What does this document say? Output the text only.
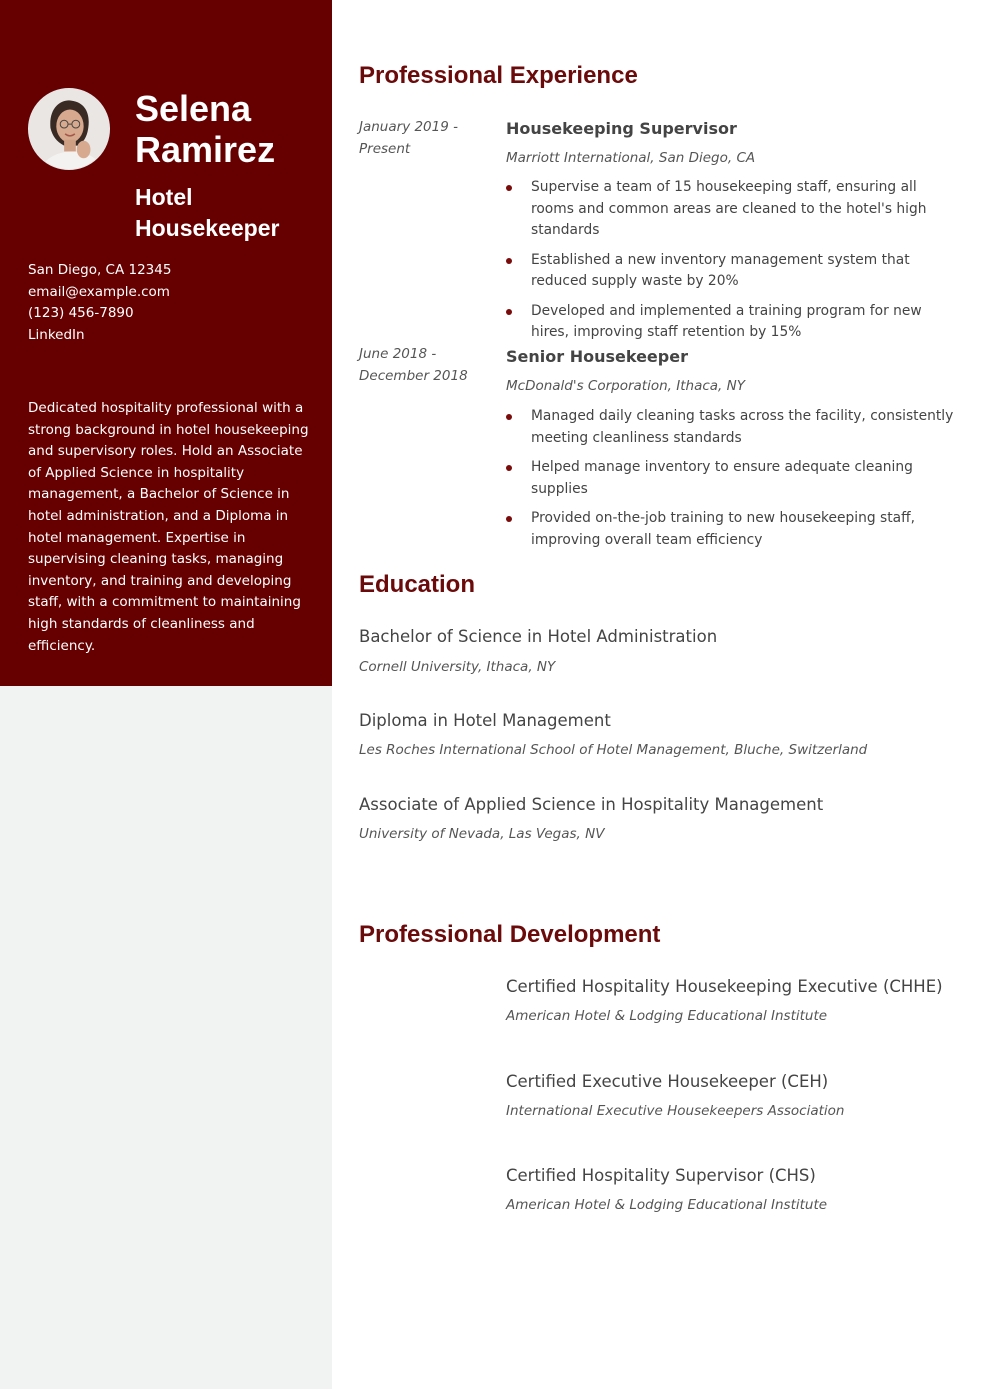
Selena
Ramirez
Hotel
Housekeeper
San Diego, CA 12345
email@example.com
(123) 456-7890
LinkedIn
Dedicated hospitality professional with a strong background in hotel housekeeping and supervisory roles. Hold an Associate of Applied Science in hospitality management, a Bachelor of Science in hotel administration, and a Diploma in hotel management. Expertise in supervising cleaning tasks, managing inventory, and training and developing staff, with a commitment to maintaining high standards of cleanliness and efficiency.
Professional Experience
January 2019 -
Present
Housekeeping Supervisor
Marriott International, San Diego, CA
Supervise a team of 15 housekeeping staff, ensuring all rooms and common areas are cleaned to the hotel's high standards
Established a new inventory management system that reduced supply waste by 20%
Developed and implemented a training program for new hires, improving staff retention by 15%
June 2018 -
December 2018
Senior Housekeeper
McDonald's Corporation, Ithaca, NY
Managed daily cleaning tasks across the facility, consistently meeting cleanliness standards
Helped manage inventory to ensure adequate cleaning supplies
Provided on-the-job training to new housekeeping staff, improving overall team efficiency
Education
Bachelor of Science in Hotel Administration
Cornell University, Ithaca, NY
Diploma in Hotel Management
Les Roches International School of Hotel Management, Bluche, Switzerland
Associate of Applied Science in Hospitality Management
University of Nevada, Las Vegas, NV
Professional Development
Certified Hospitality Housekeeping Executive (CHHE)
American Hotel & Lodging Educational Institute
Certified Executive Housekeeper (CEH)
International Executive Housekeepers Association
Certified Hospitality Supervisor (CHS)
American Hotel & Lodging Educational Institute
